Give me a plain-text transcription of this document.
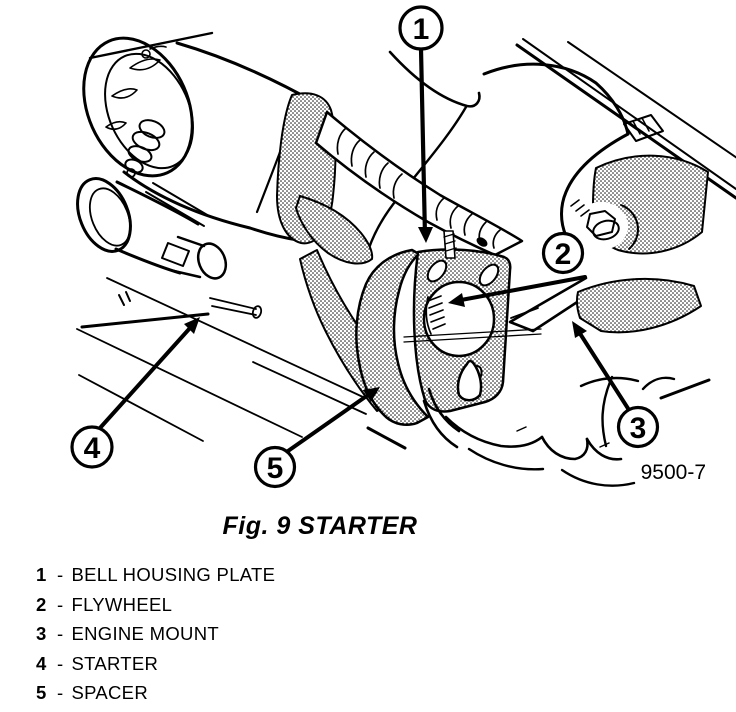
1
2
3
4
5	9500-7
Fig. 9 STARTER
1 - BELL HOUSING PLATE
2 - FLYWHEEL
3 - ENGINE MOUNT
4 - STARTER
5 - SPACER
